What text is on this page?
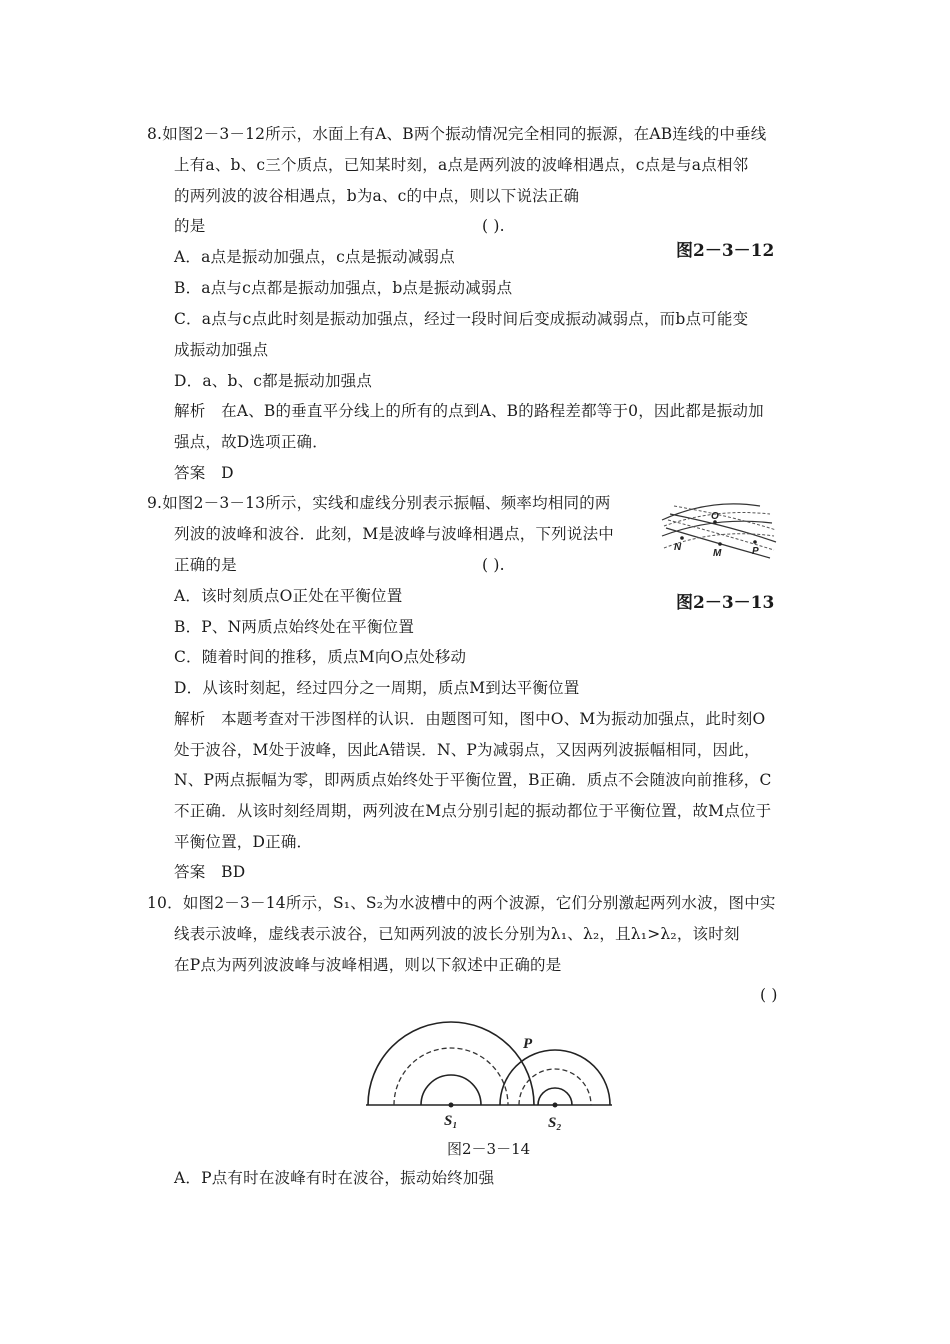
8.如图2－3－12所示，水面上有A、B两个振动情况完全相同的振源，在AB连线的中垂线
上有a、b、c三个质点，已知某时刻，a点是两列波的波峰相遇点，c点是与a点相邻
的两列波的波谷相遇点，b为a、c的中点，则以下说法正确
的是	( ).
图2－3－12
A．a点是振动加强点，c点是振动减弱点
B．a点与c点都是振动加强点，b点是振动减弱点
C．a点与c点此时刻是振动加强点，经过一段时间后变成振动减弱点，而b点可能变
成振动加强点
D．a、b、c都是振动加强点
解析　在A、B的垂直平分线上的所有的点到A、B的路程差都等于0，因此都是振动加
强点，故D选项正确．
答案　D
9.如图2－3－13所示，实线和虚线分别表示振幅、频率均相同的两
列波的波峰和波谷．此刻，M是波峰与波峰相遇点，下列说法中
正确的是	( ).
O
N
M	P
图2－3－13
A．该时刻质点O正处在平衡位置
B．P、N两质点始终处在平衡位置
C．随着时间的推移，质点M向O点处移动
D．从该时刻起，经过四分之一周期，质点M到达平衡位置
解析　本题考查对干涉图样的认识．由题图可知，图中O、M为振动加强点，此时刻O
处于波谷，M处于波峰，因此A错误．N、P为减弱点，又因两列波振幅相同，因此，
N、P两点振幅为零，即两质点始终处于平衡位置，B正确．质点不会随波向前推移，C
不正确．从该时刻经周期，两列波在M点分别引起的振动都位于平衡位置，故M点位于
平衡位置，D正确．
答案　BD
10．如图2－3－14所示，S₁、S₂为水波槽中的两个波源，它们分别激起两列水波，图中实
线表示波峰，虚线表示波谷，已知两列波的波长分别为λ₁、λ₂，且λ₁>λ₂，该时刻
在P点为两列波波峰与波峰相遇，则以下叙述中正确的是
( )
P
S₁	S₂
图2－3－14
A．P点有时在波峰有时在波谷，振动始终加强
